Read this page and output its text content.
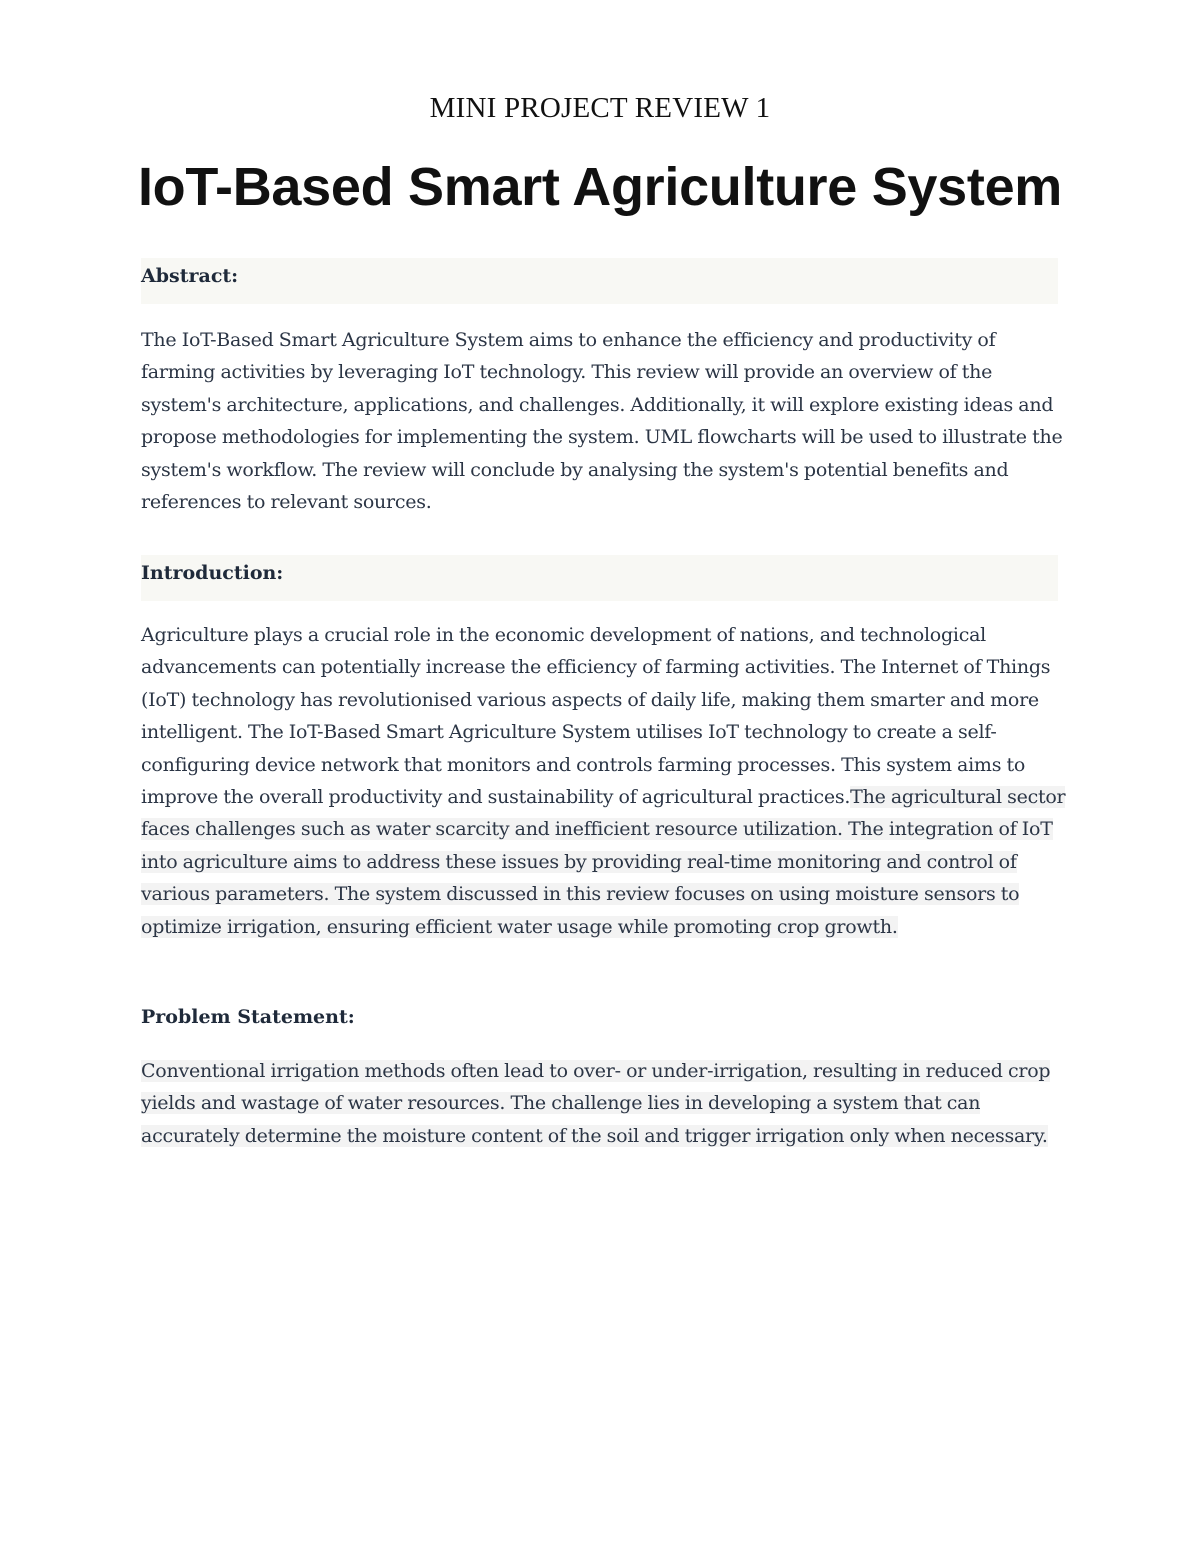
MINI PROJECT REVIEW 1
IoT-Based Smart Agriculture System
Abstract:

The IoT-Based Smart Agriculture System aims to enhance the efficiency and productivity of farming activities by leveraging IoT technology. This review will provide an overview of the system's architecture, applications, and challenges. Additionally, it will explore existing ideas and propose methodologies for implementing the system. UML flowcharts will be used to illustrate the system's workflow. The review will conclude by analysing the system's potential benefits and references to relevant sources.

Introduction:

Agriculture plays a crucial role in the economic development of nations, and technological advancements can potentially increase the efficiency of farming activities. The Internet of Things (IoT) technology has revolutionised various aspects of daily life, making them smarter and more intelligent. The IoT-Based Smart Agriculture System utilises IoT technology to create a self-configuring device network that monitors and controls farming processes. This system aims to improve the overall productivity and sustainability of agricultural practices.The agricultural sector faces challenges such as water scarcity and inefficient resource utilization. The integration of IoT into agriculture aims to address these issues by providing real-time monitoring and control of various parameters. The system discussed in this review focuses on using moisture sensors to optimize irrigation, ensuring efficient water usage while promoting crop growth.

Problem Statement:

Conventional irrigation methods often lead to over- or under-irrigation, resulting in reduced crop yields and wastage of water resources. The challenge lies in developing a system that can accurately determine the moisture content of the soil and trigger irrigation only when necessary.
